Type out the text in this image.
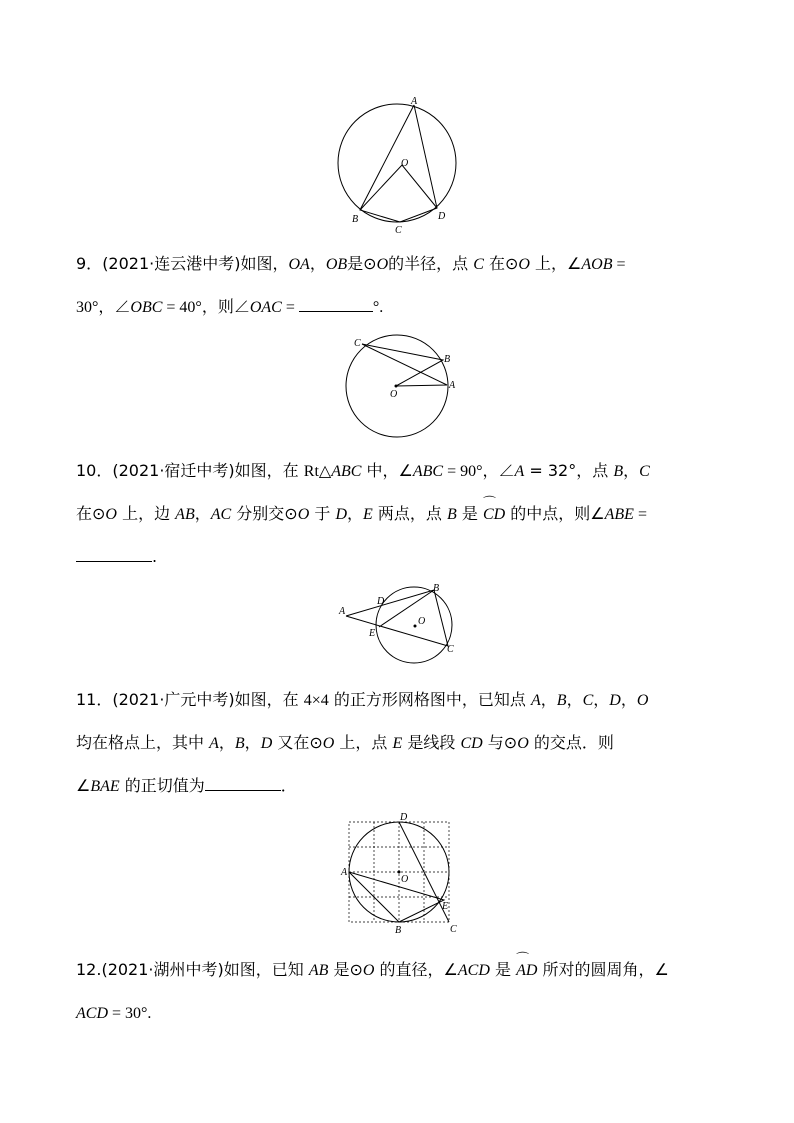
A
O
B
C
D
9．(2021·连云港中考)如图，OA，OB是⊙O的半径，点 C 在⊙O 上，∠AOB =
30°，∠OBC = 40°，则∠OAC =	°.
C
B
O
A
10．(2021·宿迁中考)如图，在 Rt△ABC 中，∠ABC = 90°，∠A = 32°，点 B，C
在⊙O 上，边 AB，AC 分别交⊙O 于 D，E 两点，点 B 是 ⌒ CD 的中点，则∠ABE =
.
A
D
B
O
E
C
11．(2021·广元中考)如图，在 4×4 的正方形网格图中，已知点 A，B，C，D，O
均在格点上，其中 A，B，D 又在⊙O 上，点 E 是线段 CD 与⊙O 的交点．则
∠BAE 的正切值为	．
D
A
O
E
B	C
12.(2021·湖州中考)如图，已知 AB 是⊙O 的直径，∠ACD 是 ⌒ AD 所对的圆周角，∠
ACD = 30°.
